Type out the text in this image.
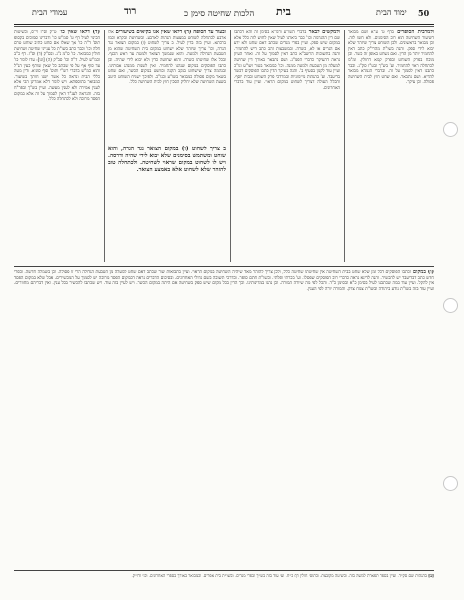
עמודי הבית	רוד	הלכות שחיטה סימן כ בית	ימוד הבית 50
(ד) דלאו שאין כו' ט"ק וס"ז וי"ס, ובשיטות הכינוי לעיל דף ט' סמ"ש כו' ודברינו סמוכים בקסופ תוס' ד"ה כו' אך שאלו אם סחט כתיב שוחט טרם חלה וכו' וכבר כתב בשו"ת כל ענייני שחיטה ושחיטת חולין כמבואר. כו' ס"מ נ"ג. ובס"ק (ד) וס"ז. דף כ"ב וכמ"ש לעיל. ד"ה וכו' סב"ק (ה) [ונו]: עדו לומר כו' עד סוף אף על פי שכתב כל שאין שותף כעין הנ"ל והוא כמ"ש בדברי רש"י ותוס' סוף סוגיא. ודין מטה כללי הבית ונראה כל אשר ישנו חותך בשיעור. כמבואר בתוספתא. ויש לומר דלא אמרינן הכי אלא לענין אמירה ולא לענין מעשה. ועיין בש"ך ובפר"ח בזה. והנראה לענ"ד דאין לסמוך על זה אלא במקום הפסד מרובה ולא לכתחלה כלל.
ובעוד עד הסופה (ד) דלאו שאין אנו בקיאים בשיעורים אלו ארבע לכתחלה לשוחט במצעות הגהות לארבע. ובשחיטת ובקרא וכמו ברכתא. ועיין בזה בדין לעיל. ב צריך לשחוט (ו) במקום הצואר נגד הגרה, וכו' צריך שיזהר שלא ישחוט במקום בית השחיטה שהוא מן הטבעת הגדולה ולמטה. והוא שנמשך הצואר ולמטה עד ראש הכנף. ובכל אלו שחיטתו כשרה. והוא שחוטה כדין ולא יבוא לידי שהיה. וכן כתבו הפוסקים במקום שנהגו להחמיר. ואין לשנות ממנהג אבותינו. ובנהמה צריך שישחוט בנקב הקנה ובוושט במקום הכשר, ואם שחט בשאר מקום פסולה כמבואר בשו"ע ובנו"כ. ולפיכך ישגיח השוחט היטב בשעת השחיטה שלא יחליק הסכין חוץ לבית השחיטה כלל.
ב צריך לשחוט (ו) במקום הצואר נגד הגרה, והוא שוחט ומשתמש בסימנים שלא יבוא לידי שהיה ודרסה. ויש לו לשחוט במקום שראוי לשחיטה. ולכתחלה טוב להזהר שלא לשחוט אלא באמצע הצואר.
ולמקשים לבאר בדברי השו"ע ורמ"א בסימן זה והא דכתבו שם דין ההגרמה וכו' כבר ביארנו לעיל שאין לחוש לזה כלל אלא במקום שיש ספק. ועיין בפרי מגדים שכתב דאם שחט ולא ידע אם הגרים או לא, כשרה. ובמשבצות זהב כתב דיש להחמיר. והנה בתשובות הרשב"א כתב דאין לסמוך על זה. ואחר העיון נראה דהעיקר כדברי הפמ"ג. ושם נתבאר באורך דין שחיטה למעלה מן הטבעת ולמטה ממנה. וכו' כמבואר בטור ושו"ע ונו"כ ועיין עוד לקמן בסעיף ב'. והנה בעיקר הדין כתבו הפוסקים דכשר בדיעבד. וע' בהגהות מיימוניות ובמרדכי פרק השוחט ובבית יוסף. והכלל העולה דצריך לשחוט במקום הראוי. ועיין עוד בדברי האחרונים.
ולמרבית הסופרים בדף ט' ע"א ושם מבואר דשיעור השחיטה הוא רוב הסימנים. ולא חשו לזה. וכן מבואר בראשונים. ולכן השוחט צריך שיזהר שלא יבוא לידי ספק. והנה בשו"ת מהרי"ק כתב דאין להחמיר יותר מן הדין. ואם נשחט באופן זה כשר. וכן מוכח בפרק השוחט ובפרק קמא דחולין. ומ"מ לכתחלה ראוי להחמיר. וע' בש"ך ובט"ז סק"ג. וכבר כתבנו דאין לסמוך על זה. ובדברי הגמרא מבואר להדיא. ושם נתבאר. ואם שחט חוץ לבית השחיטה פסולה. וכן עיקר.
(ו) במקום וכתבו הפוסקים דכל זמן שלא שחט בבית השחיטה אין שחיטתו שחיטה כלל, ולכן צריך להזהר מאד שיהיה השחיטה במקום הראוי. ועיין בתבואות שור שכתב דאם שחט למעלה מן הטבעת הגדולה הרי זו פסולה. וכן בשמלה חדשה. ובפרי חדש כתב דבדיעבד יש להכשיר. והנה לדינא נראה כדברי רוב הפוסקים שפסלו. וע' בכרתי ופלתי. ובשו"ת חתם סופר. ובדרכי תשובה בשם גדולי האחרונים. ובסיכום הדברים נראה דבמקום הפסד מרובה יש לסמוך על המכשירים. אבל שלא במקום הפסד אין להקל. ועיין עוד במה שכתבנו לעיל בסימן כ"א ובסימן כ"ד. והכל לפי מה שיורה המורה. וכן נהגו במדינותינו. וכך הדין בכל מקום שיש ספק בשחיטה אם היתה במקום הכשר. ויש לעיין בזה עוד. ויש שכתבו להכשיר בכל ענין. ואין דבריהם מחוורים. ועיין עוד בזה בשו"ת נודע ביהודה ובשו"ת צמח צדק. והמורה יורה לפי הענין.
[ב] בהגהות שם סק"ד. ועיין בספר תפארת למשה בזה. ובשיטה מקובצת. ובתוס' חולין דף כ"ח. וע' עוד בזה בש"ך ובפרי מגדים. ובשו"ת בית אפרים. וכמבואר באורך בספרי האחרונים. וכו' ודו"ק.
